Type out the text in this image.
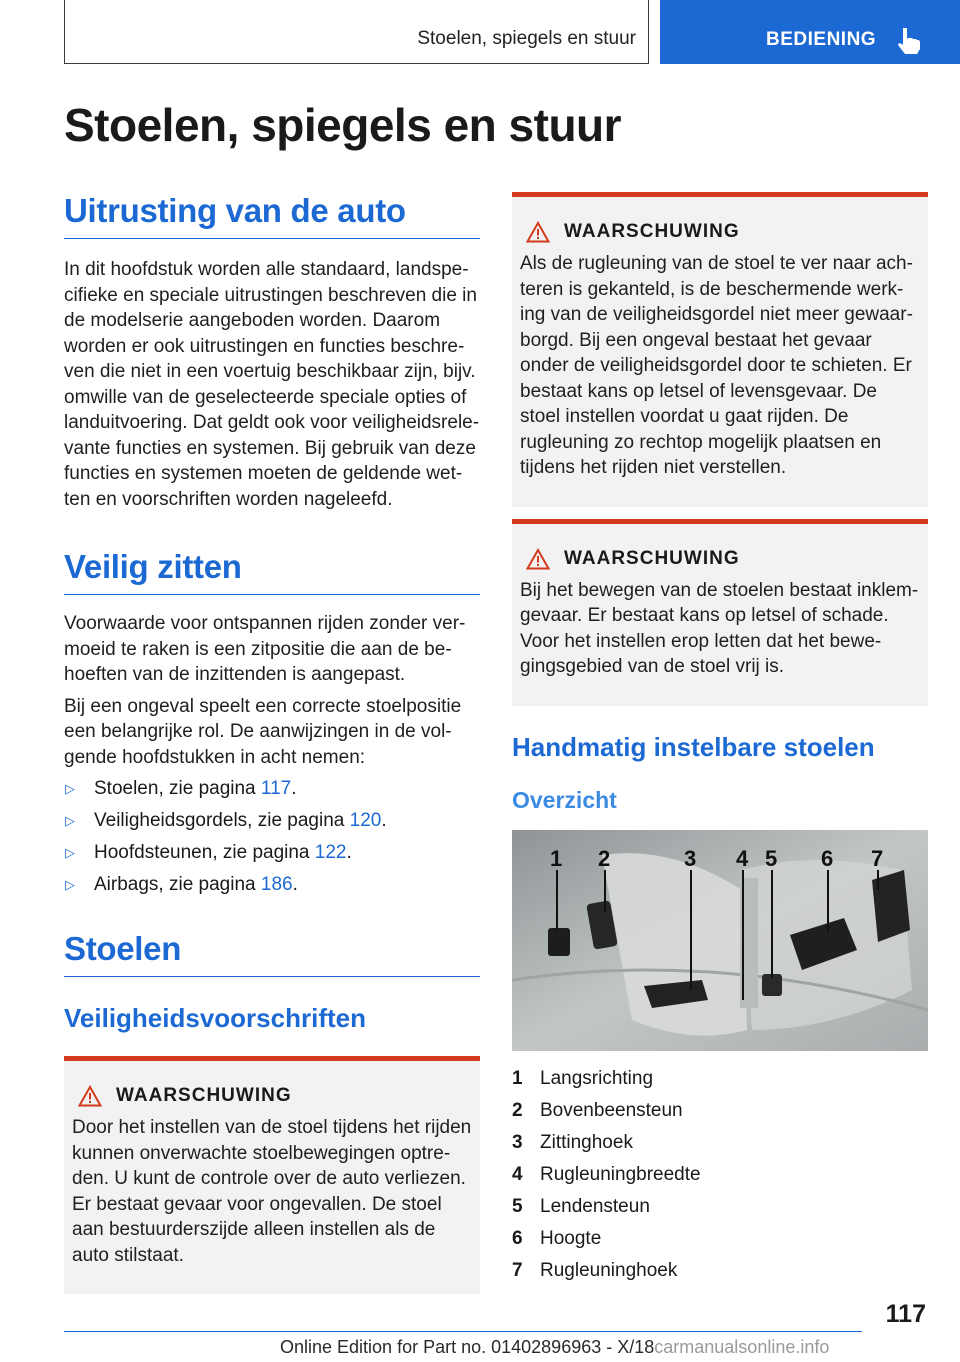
Stoelen, spiegels en stuur	BEDIENING
Stoelen, spiegels en stuur
Uitrusting van de auto

In dit hoofdstuk worden alle standaard, landspecifieke en speciale uitrustingen beschreven die in de modelserie aangeboden worden. Daarom worden er ook uitrustingen en functies beschreven die niet in een voertuig beschikbaar zijn, bijv. omwille van de geselecteerde speciale opties of landuitvoering. Dat geldt ook voor veiligheidsrelevante functies en systemen. Bij gebruik van deze functies en systemen moeten de geldende wetten en voorschriften worden nageleefd.

Veilig zitten

Voorwaarde voor ontspannen rijden zonder vermoeid te raken is een zitpositie die aan de behoeften van de inzittenden is aangepast.

Bij een ongeval speelt een correcte stoelpositie een belangrijke rol. De aanwijzingen in de volgende hoofdstukken in acht nemen:

▷	Stoelen, zie pagina 117.
▷	Veiligheidsgordels, zie pagina 120.
▷	Hoofdsteunen, zie pagina 122.
▷	Airbags, zie pagina 186.
Stoelen
Veiligheidsvoorschriften
WAARSCHUWING

Door het instellen van de stoel tijdens het rijden kunnen onverwachte stoelbewegingen optreden. U kunt de controle over de auto verliezen. Er bestaat gevaar voor ongevallen. De stoel aan bestuurderszijde alleen instellen als de auto stilstaat.

WAARSCHUWING

Als de rugleuning van de stoel te ver naar achteren is gekanteld, is de beschermende werking van de veiligheidsgordel niet meer gewaarborgd. Bij een ongeval bestaat het gevaar onder de veiligheidsgordel door te schieten. Er bestaat kans op letsel of levensgevaar. De stoel instellen voordat u gaat rijden. De rugleuning zo rechtop mogelijk plaatsen en tijdens het rijden niet verstellen.

WAARSCHUWING

Bij het bewegen van de stoelen bestaat inklemgevaar. Er bestaat kans op letsel of schade. Voor het instellen erop letten dat het bewegingsgebied van de stoel vrij is.

Handmatig instelbare stoelen
Overzicht
1 2	3 4 5 6 7
1 Langsrichting
2 Bovenbeensteun
3 Zittinghoek
4 Rugleuningbreedte
5 Lendensteun
6 Hoogte
7 Rugleuninghoek
117
Online Edition for Part no. 01402896963 - X/18carmanualsonline.info
